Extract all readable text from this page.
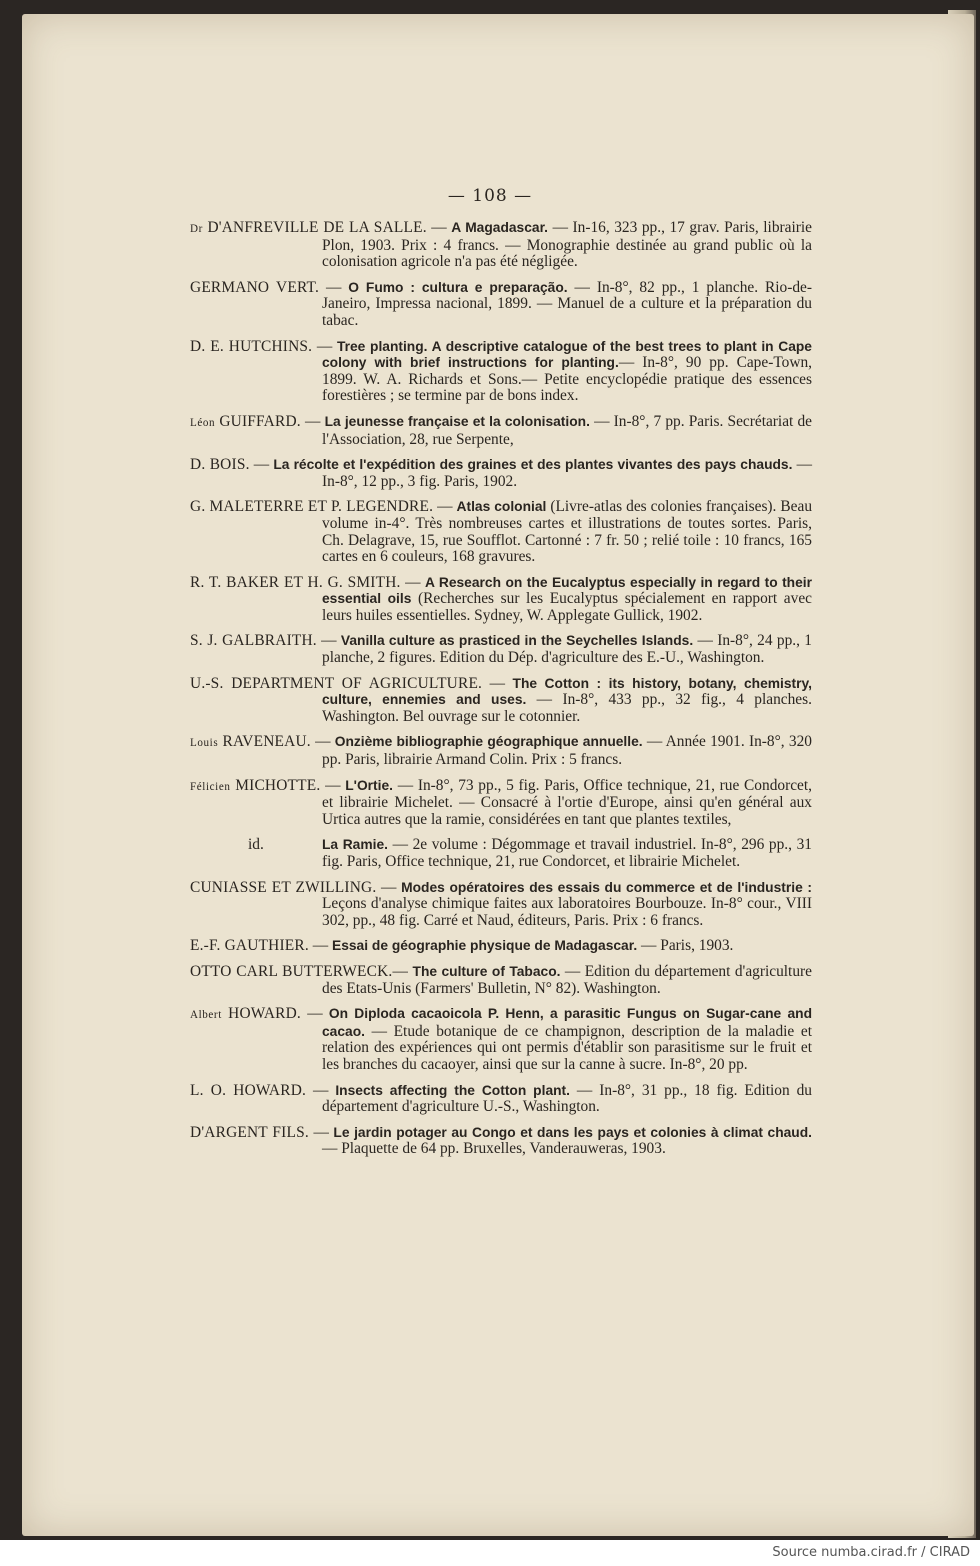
— 108 —

Dr D'ANFREVILLE DE LA SALLE. — A Magadascar. — In-16, 323 pp., 17 grav. Paris, librairie Plon, 1903. Prix : 4 francs. — Monographie destinée au grand public où la colonisation agricole n'a pas été négligée.

GERMANO VERT. — O Fumo : cultura e preparação. — In-8°, 82 pp., 1 planche. Rio-de-Janeiro, Impressa nacional, 1899. — Manuel de a culture et la préparation du tabac.

D. E. HUTCHINS. — Tree planting. A descriptive catalogue of the best trees to plant in Cape colony with brief instructions for planting.— In-8°, 90 pp. Cape-Town, 1899. W. A. Richards et Sons.— Petite encyclopédie pratique des essences forestières ; se termine par de bons index.

Léon GUIFFARD. — La jeunesse française et la colonisation. — In-8°, 7 pp. Paris. Secrétariat de l'Association, 28, rue Serpente,

D. BOIS. — La récolte et l'expédition des graines et des plantes vivantes des pays chauds. — In-8°, 12 pp., 3 fig. Paris, 1902.

G. MALETERRE ET P. LEGENDRE. — Atlas colonial (Livre-atlas des colonies françaises). Beau volume in-4°. Très nombreuses cartes et illustrations de toutes sortes. Paris, Ch. Delagrave, 15, rue Soufflot. Cartonné : 7 fr. 50 ; relié toile : 10 francs, 165 cartes en 6 couleurs, 168 gravures.

R. T. BAKER ET H. G. SMITH. — A Research on the Eucalyptus especially in regard to their essential oils (Recherches sur les Eucalyptus spécialement en rapport avec leurs huiles essentielles. Sydney, W. Applegate Gullick, 1902.

S. J. GALBRAITH. — Vanilla culture as prasticed in the Seychelles Islands. — In-8°, 24 pp., 1 planche, 2 figures. Edition du Dép. d'agriculture des E.-U., Washington.

U.-S. DEPARTMENT OF AGRICULTURE. — The Cotton : its history, botany, chemistry, culture, ennemies and uses. — In-8°, 433 pp., 32 fig., 4 planches. Washington. Bel ouvrage sur le cotonnier.

Louis RAVENEAU. — Onzième bibliographie géographique annuelle. — Année 1901. In-8°, 320 pp. Paris, librairie Armand Colin. Prix : 5 francs.

Félicien MICHOTTE. — L'Ortie. — In-8°, 73 pp., 5 fig. Paris, Office technique, 21, rue Condorcet, et librairie Michelet. — Consacré à l'ortie d'Europe, ainsi qu'en général aux Urtica autres que la ramie, considérées en tant que plantes textiles,

id.	La Ramie. — 2e volume : Dégommage et travail industriel. In-8°, 296 pp., 31 fig. Paris, Office technique, 21, rue Condorcet, et librairie Michelet.

CUNIASSE ET ZWILLING. — Modes opératoires des essais du commerce et de l'industrie : Leçons d'analyse chimique faites aux laboratoires Bourbouze. In-8° cour., VIII 302, pp., 48 fig. Carré et Naud, éditeurs, Paris. Prix : 6 francs.

E.-F. GAUTHIER. — Essai de géographie physique de Madagascar. — Paris, 1903.

OTTO CARL BUTTERWECK.— The culture of Tabaco. — Edition du département d'agriculture des Etats-Unis (Farmers' Bulletin, N° 82). Washington.

Albert HOWARD. — On Diploda cacaoicola P. Henn, a parasitic Fungus on Sugar-cane and cacao. — Etude botanique de ce champignon, description de la maladie et relation des expériences qui ont permis d'établir son parasitisme sur le fruit et les branches du cacaoyer, ainsi que sur la canne à sucre. In-8°, 20 pp.

L. O. HOWARD. — Insects affecting the Cotton plant. — In-8°, 31 pp., 18 fig. Edition du département d'agriculture U.-S., Washington.

D'ARGENT FILS. — Le jardin potager au Congo et dans les pays et colonies à climat chaud. — Plaquette de 64 pp. Bruxelles, Vanderauweras, 1903.

Source numba.cirad.fr / CIRAD
